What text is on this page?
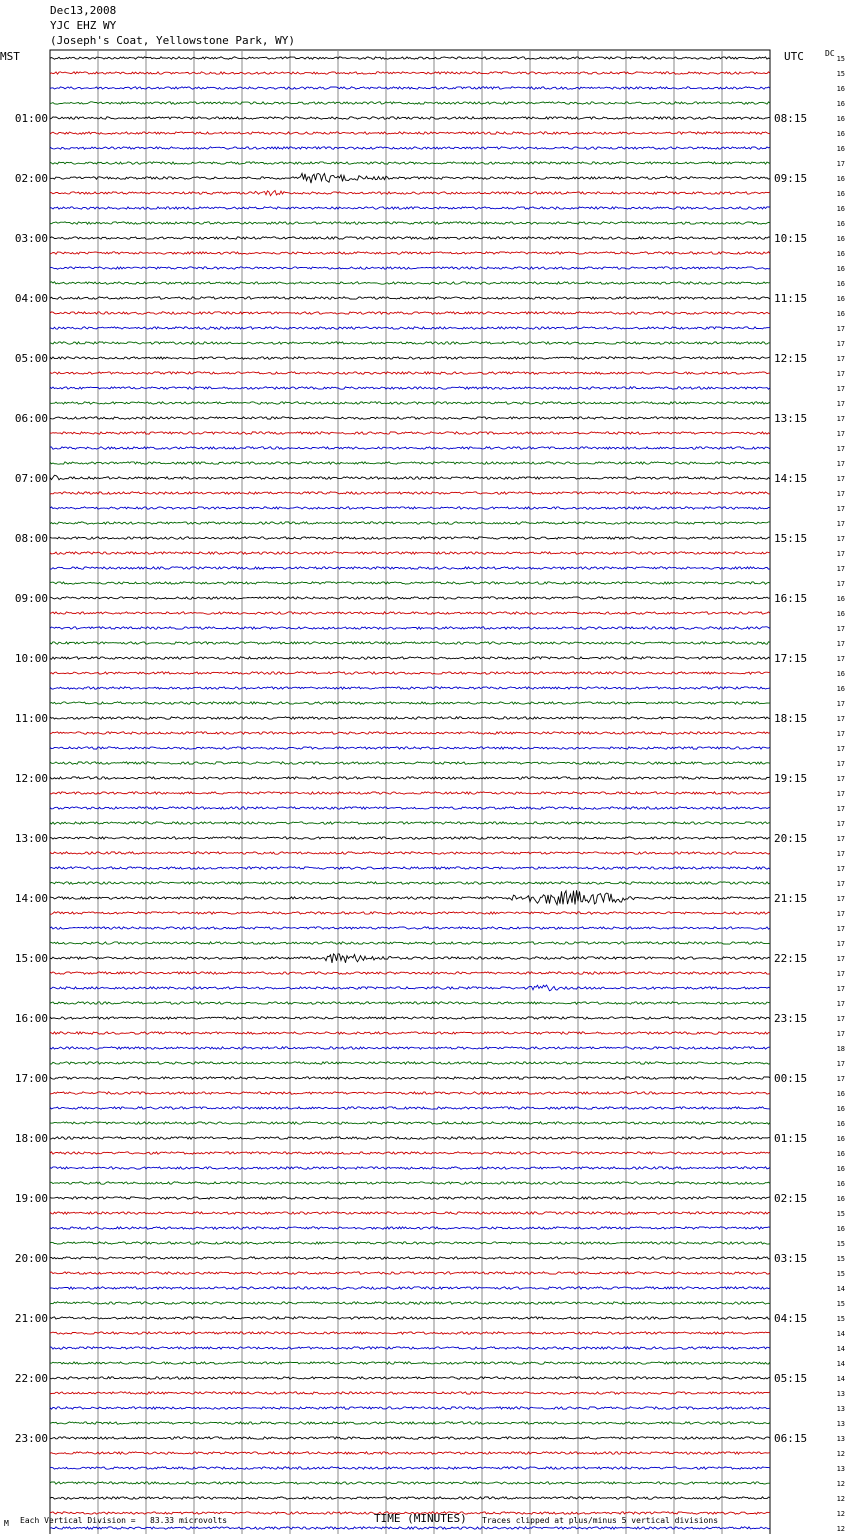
Dec13,2008
YJC EHZ WY
(Joseph's Coat, Yellowstone Park, WY)
MST	UTC	DC
01:00
02:00
03:00
04:00
05:00
06:00
07:00
08:00
09:00
10:00
11:00
12:00
13:00
14:00
15:00
16:00
17:00
18:00
19:00
20:00
21:00
22:00
23:00
08:15
09:15
10:15
11:15
12:15
13:15
14:15
15:15
16:15
17:15
18:15
19:15
20:15
21:15
22:15
23:15
00:15
01:15
02:15
03:15
04:15
05:15
06:15
15
15
16
16
16
16
16
17
16
16
16
16
16
16
16
16
16
16
17
17
17
17
17
17
17
17
17
17
17
17
17
17
17
17
17
17
16
16
17
17
17
16
16
17
17
17
17
17
17
17
17
17
17
17
17
17
17
17
17
17
17
17
17
17
17
17
18
17
17
16
16
16
16
16
16
16
16
15
16
15
15
15
14
15
15
14
14
14
14
13
13
13
13
12
13
12
12
12
12
M Each Vertical Division =   83.33 microvolts	TIME (MINUTES) Traces clipped at plus/minus 5 vertical divisions
